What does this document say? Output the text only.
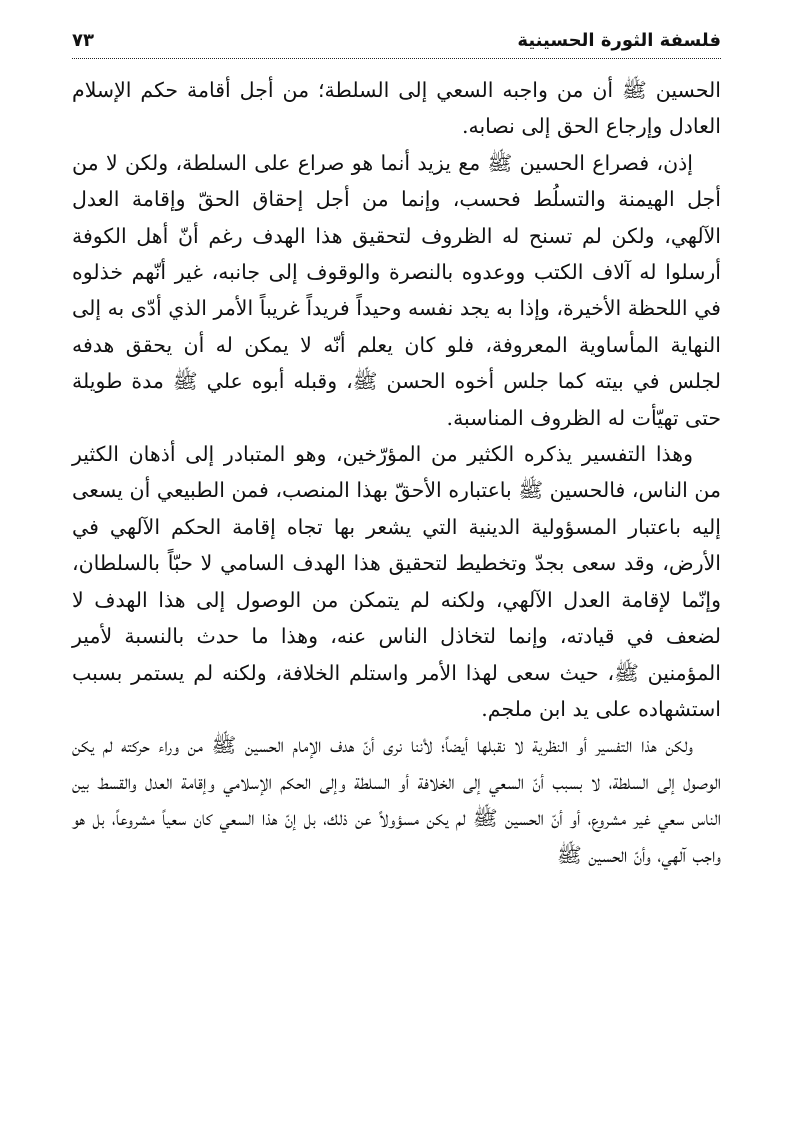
فلسفة الثورة الحسينية
٧٣

الحسين ﷺ أن من واجبه السعي إلى السلطة؛ من أجل أقامة حكم الإسلام العادل وإرجاع الحق إلى نصابه.

إذن، فصراع الحسين ﷺ مع يزيد أنما هو صراع على السلطة، ولكن لا من أجل الهيمنة والتسلُط فحسب، وإنما من أجل إحقاق الحقّ وإقامة العدل الآلهي، ولكن لم تسنح له الظروف لتحقيق هذا الهدف رغم أنّ أهل الكوفة أرسلوا له آلاف الكتب ووعدوه بالنصرة والوقوف إلى جانبه، غير أنّهم خذلوه في اللحظة الأخيرة، وإذا به يجد نفسه وحيداً فريداً غريباً الأمر الذي أدّى به إلى النهاية المأساوية المعروفة، فلو كان يعلم أنّه لا يمكن له أن يحقق هدفه لجلس في بيته كما جلس أخوه الحسن ﷺ، وقبله أبوه علي ﷺ مدة طويلة حتى تهيّأت له الظروف المناسبة.

وهذا التفسير يذكره الكثير من المؤرّخين، وهو المتبادر إلى أذهان الكثير من الناس، فالحسين ﷺ باعتباره الأحقّ بهذا المنصب، فمن الطبيعي أن يسعى إليه باعتبار المسؤولية الدينية التي يشعر بها تجاه إقامة الحكم الآلهي في الأرض، وقد سعى بجدّ وتخطيط لتحقيق هذا الهدف السامي لا حبّاً بالسلطان، وإنّما لإقامة العدل الآلهي، ولكنه لم يتمكن من الوصول إلى هذا الهدف لا لضعف في قيادته، وإنما لتخاذل الناس عنه، وهذا ما حدث بالنسبة لأمير المؤمنين ﷺ، حيث سعى لهذا الأمر واستلم الخلافة، ولكنه لم يستمر بسبب استشهاده على يد ابن ملجم.

ولكن هذا التفسير أو النظرية لا نقبلها أيضاً؛ لأننا نرى أنّ هدف الإمام الحسين ﷺ من وراء حركته لم يكن الوصول إلى السلطة، لا بسبب أنّ السعي إلى الخلافة أو السلطة وإلى الحكم الإسلامي وإقامة العدل والقسط بين الناس سعي غير مشروع، أو أنّ الحسين ﷺ لم يكن مسؤولاً عن ذلك، بل إنّ هذا السعي كان سعياً مشروعاً، بل هو واجب آلهي، وأنّ الحسين ﷺ
